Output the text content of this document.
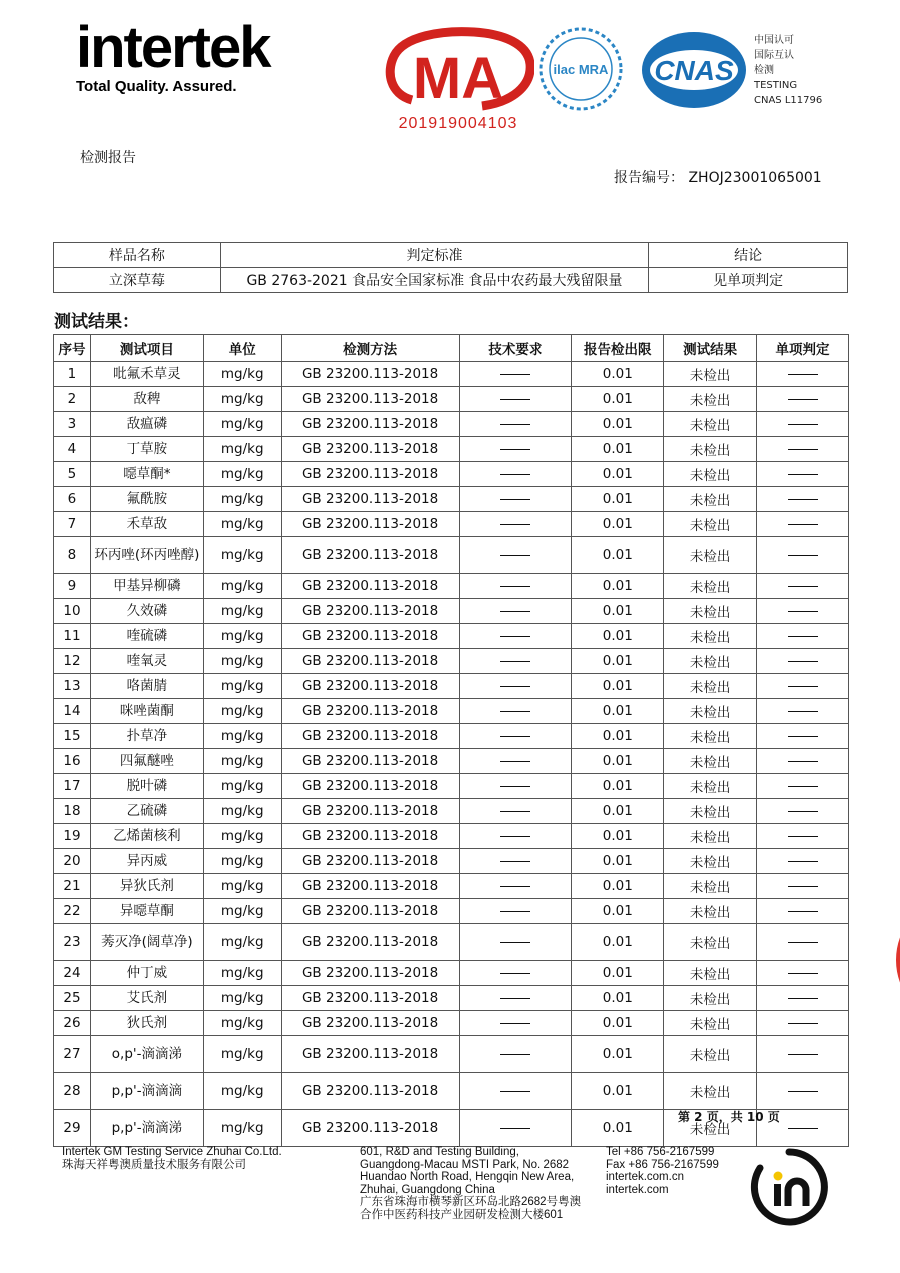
intertek
Total Quality. Assured.	MA
201919004103
ilac MRA CNAS
中国认可
国际互认
检测
TESTING
CNAS L11796
检测报告
报告编号： ZHOJ23001065001
样品名称	判定标准	结论
立深草莓	GB 2763-2021 食品安全国家标准 食品中农药最大残留限量	见单项判定
测试结果：
序号	测试项目	单位	检测方法	技术要求	报告检出限	测试结果	单项判定
1	吡氟禾草灵	mg/kg	GB 23200.113-2018		0.01	未检出	
2	敌稗	mg/kg	GB 23200.113-2018		0.01	未检出	
3	敌瘟磷	mg/kg	GB 23200.113-2018		0.01	未检出	
4	丁草胺	mg/kg	GB 23200.113-2018		0.01	未检出	
5	噁草酮*	mg/kg	GB 23200.113-2018		0.01	未检出	
6	氟酰胺	mg/kg	GB 23200.113-2018		0.01	未检出	
7	禾草敌	mg/kg	GB 23200.113-2018		0.01	未检出	
8	环丙唑(环丙唑醇)	mg/kg	GB 23200.113-2018		0.01	未检出	
9	甲基异柳磷	mg/kg	GB 23200.113-2018		0.01	未检出	
10	久效磷	mg/kg	GB 23200.113-2018		0.01	未检出	
11	喹硫磷	mg/kg	GB 23200.113-2018		0.01	未检出	
12	喹氧灵	mg/kg	GB 23200.113-2018		0.01	未检出	
13	咯菌腈	mg/kg	GB 23200.113-2018		0.01	未检出	
14	咪唑菌酮	mg/kg	GB 23200.113-2018		0.01	未检出	
15	扑草净	mg/kg	GB 23200.113-2018		0.01	未检出	
16	四氟醚唑	mg/kg	GB 23200.113-2018		0.01	未检出	
17	脱叶磷	mg/kg	GB 23200.113-2018		0.01	未检出	
18	乙硫磷	mg/kg	GB 23200.113-2018		0.01	未检出	
19	乙烯菌核利	mg/kg	GB 23200.113-2018		0.01	未检出	
20	异丙威	mg/kg	GB 23200.113-2018		0.01	未检出	
21	异狄氏剂	mg/kg	GB 23200.113-2018		0.01	未检出	
22	异噁草酮	mg/kg	GB 23200.113-2018		0.01	未检出	
23	莠灭净(阔草净)	mg/kg	GB 23200.113-2018		0.01	未检出	
24	仲丁威	mg/kg	GB 23200.113-2018		0.01	未检出	
25	艾氏剂	mg/kg	GB 23200.113-2018		0.01	未检出	
26	狄氏剂	mg/kg	GB 23200.113-2018		0.01	未检出	
27	o,p'-滴滴涕	mg/kg	GB 23200.113-2018		0.01	未检出	
28	p,p'-滴滴滴	mg/kg	GB 23200.113-2018		0.01	未检出	
29	p,p'-滴滴涕	mg/kg	GB 23200.113-2018		0.01	未检出	
第 2 页，共 10 页
Intertek GM Testing Service Zhuhai Co.Ltd.
珠海天祥粤澳质量技术服务有限公司
601, R&D and Testing Building,
Guangdong-Macau MSTI Park, No. 2682
Huandao North Road, Hengqin New Area,
Zhuhai, Guangdong China
广东省珠海市横琴新区环岛北路2682号粤澳
合作中医药科技产业园研发检测大楼601
Tel +86 756-2167599
Fax +86 756-2167599
intertek.com.cn
intertek.com
